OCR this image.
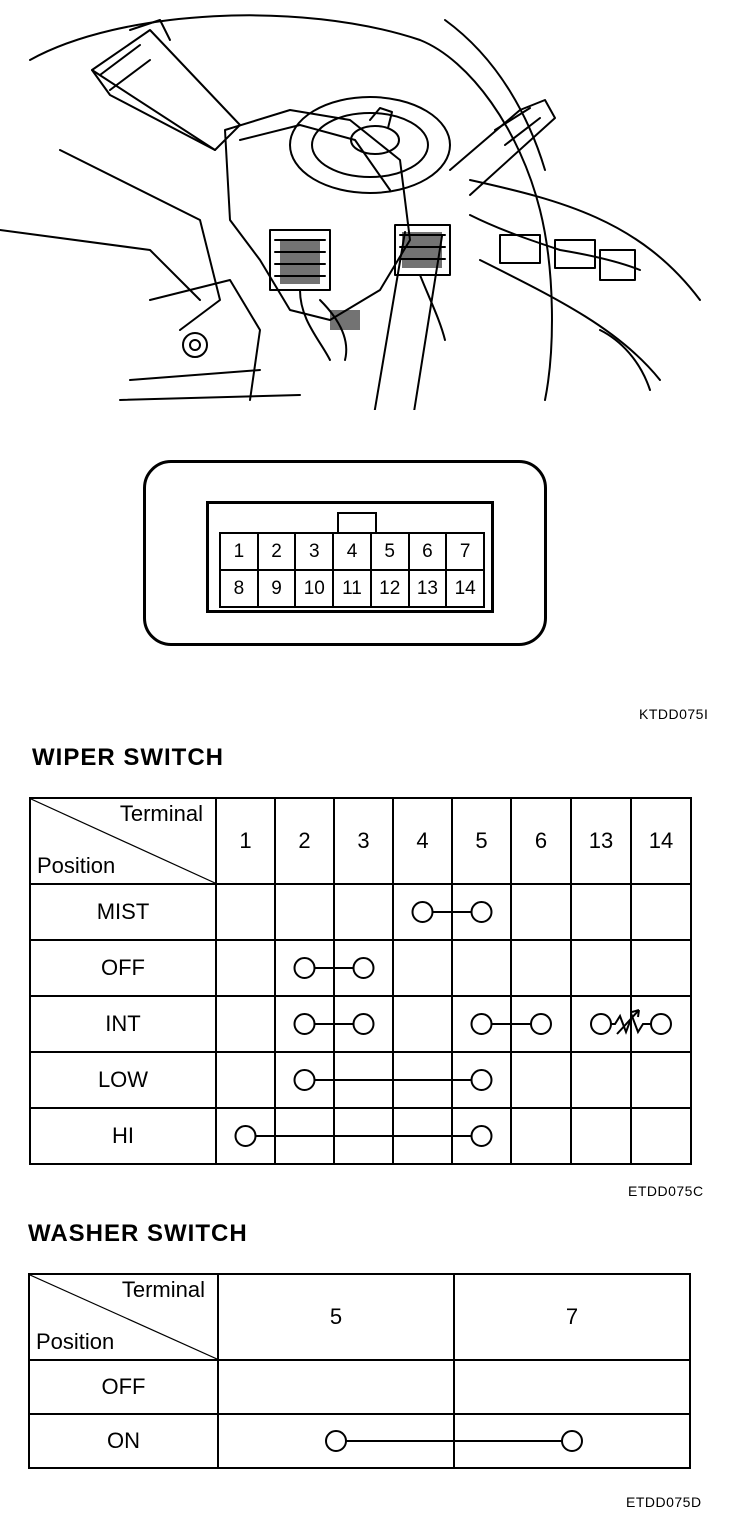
1	2	3	4	5	6	7
8	9	10 11 12 13 14
KTDD075I
WIPER SWITCH
Terminal
Position	1	2	3	4	5	6	13	14
MIST								
OFF								
INT								
LOW								
HI								
ETDD075C
WASHER SWITCH
Terminal
Position	5	7
OFF		
ON		
ETDD075D
